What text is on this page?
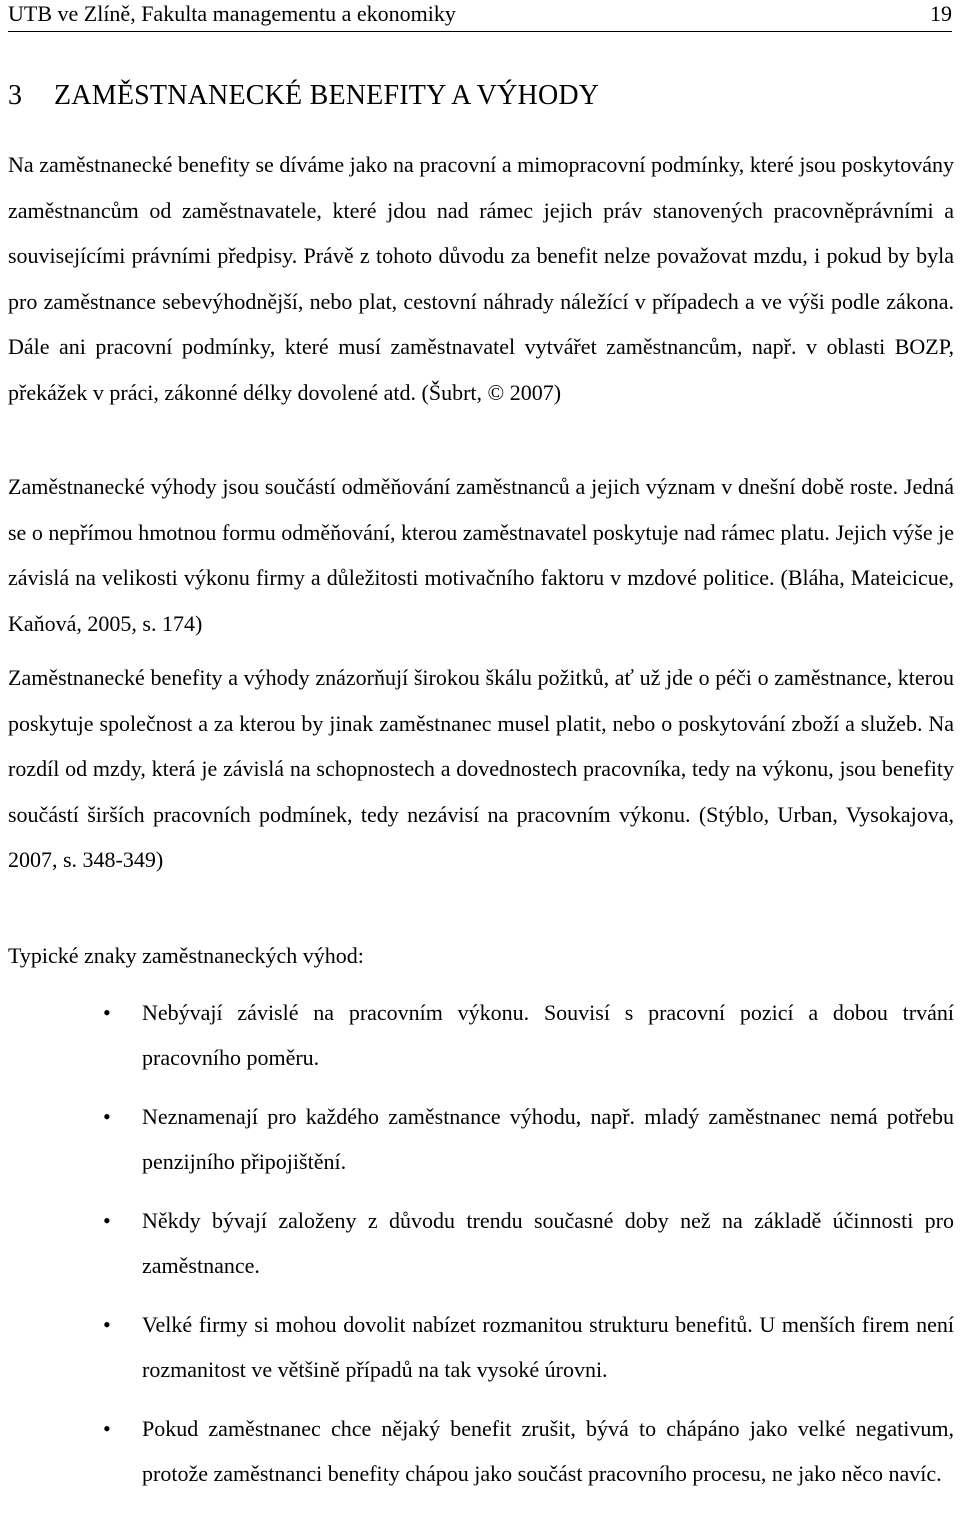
UTB ve Zlíně, Fakulta managementu a ekonomiky	19
3 ZAMĚSTNANECKÉ BENEFITY A VÝHODY

Na zaměstnanecké benefity se díváme jako na pracovní a mimopracovní podmínky, které jsou poskytovány zaměstnancům od zaměstnavatele, které jdou nad rámec jejich práv stanovených pracovněprávními a souvisejícími právními předpisy. Právě z tohoto důvodu za benefit nelze považovat mzdu, i pokud by byla pro zaměstnance sebevýhodnější, nebo plat, cestovní náhrady náležící v případech a ve výši podle zákona. Dále ani pracovní podmínky, které musí zaměstnavatel vytvářet zaměstnancům, např. v oblasti BOZP, překážek v práci, zákonné délky dovolené atd. (Šubrt, © 2007)

Zaměstnanecké výhody jsou součástí odměňování zaměstnanců a jejich význam v dnešní době roste. Jedná se o nepřímou hmotnou formu odměňování, kterou zaměstnavatel poskytuje nad rámec platu. Jejich výše je závislá na velikosti výkonu firmy a důležitosti motivačního faktoru v mzdové politice. (Bláha, Mateicicue, Kaňová, 2005, s. 174)

Zaměstnanecké benefity a výhody znázorňují širokou škálu požitků, ať už jde o péči o zaměstnance, kterou poskytuje společnost a za kterou by jinak zaměstnanec musel platit, nebo o poskytování zboží a služeb. Na rozdíl od mzdy, která je závislá na schopnostech a dovednostech pracovníka, tedy na výkonu, jsou benefity součástí širších pracovních podmínek, tedy nezávisí na pracovním výkonu. (Stýblo, Urban, Vysokajova, 2007, s. 348-349)

Typické znaky zaměstnaneckých výhod:

• Nebývají závislé na pracovním výkonu. Souvisí s pracovní pozicí a dobou trvání pracovního poměru.
• Neznamenají pro každého zaměstnance výhodu, např. mladý zaměstnanec nemá potřebu penzijního připojištění.
• Někdy bývají založeny z důvodu trendu současné doby než na základě účinnosti pro zaměstnance.
• Velké firmy si mohou dovolit nabízet rozmanitou strukturu benefitů. U menších firem není rozmanitost ve většině případů na tak vysoké úrovni.
• Pokud zaměstnanec chce nějaký benefit zrušit, bývá to chápáno jako velké negativum, protože zaměstnanci benefity chápou jako součást pracovního procesu, ne jako něco navíc.
